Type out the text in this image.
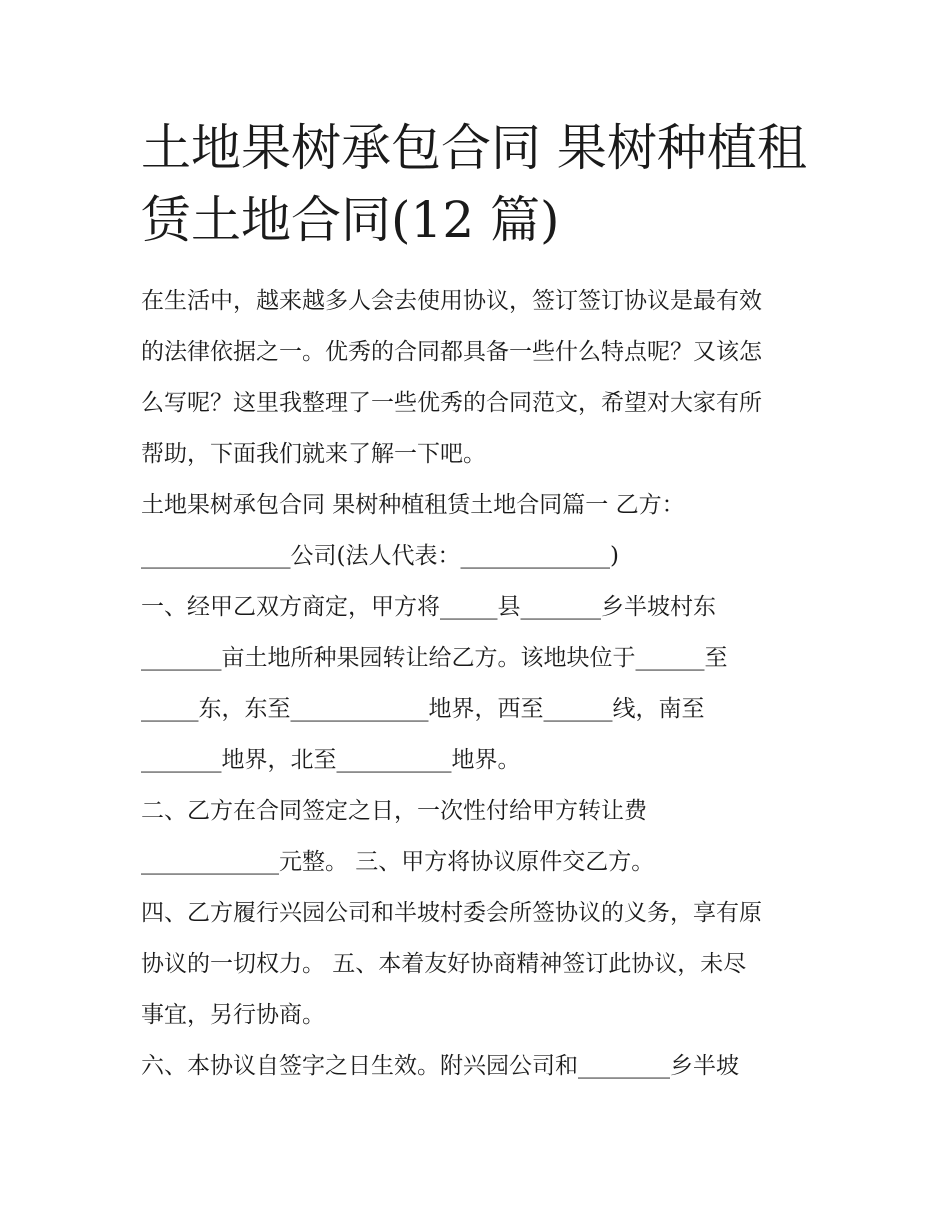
土地果树承包合同 果树种植租
赁土地合同(12 篇)

在生活中，越来越多人会去使用协议，签订签订协议是最有效
的法律依据之一。优秀的合同都具备一些什么特点呢？又该怎
么写呢？这里我整理了一些优秀的合同范文，希望对大家有所
帮助，下面我们就来了解一下吧。

土地果树承包合同 果树种植租赁土地合同篇一 乙方：
_____________公司(法人代表：_____________)

一、经甲乙双方商定，甲方将_____县_______乡半坡村东
_______亩土地所种果园转让给乙方。该地块位于______至
_____东，东至____________地界，西至______线，南至
_______地界，北至__________地界。

二、乙方在合同签定之日，一次性付给甲方转让费
____________元整。 三、甲方将协议原件交乙方。

四、乙方履行兴园公司和半坡村委会所签协议的义务，享有原
协议的一切权力。 五、本着友好协商精神签订此协议，未尽
事宜，另行协商。

六、本协议自签字之日生效。附兴园公司和________乡半坡
